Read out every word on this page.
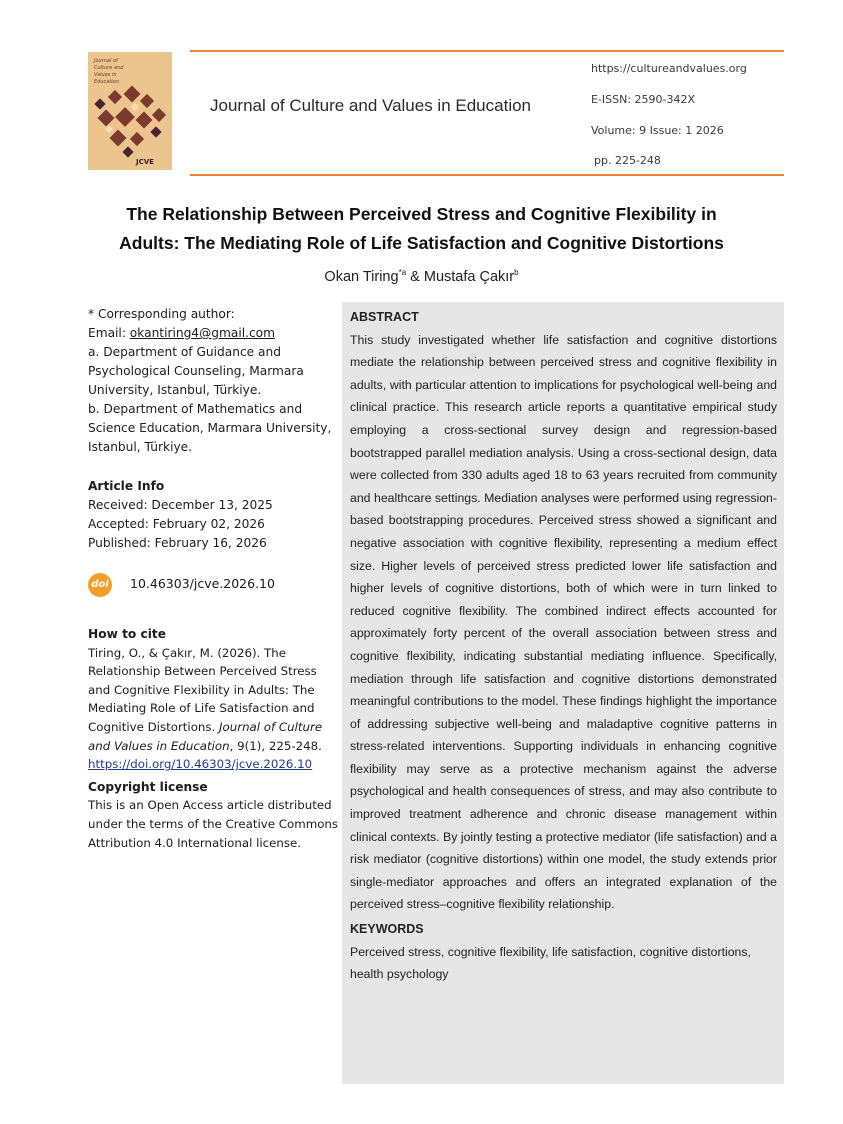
Journal of
Culture and
Values in
Education
JCVE
Journal of Culture and Values in Education
https://cultureandvalues.org
E-ISSN: 2590-342X
Volume: 9 Issue: 1 2026
pp. 225-248
The Relationship Between Perceived Stress and Cognitive Flexibility in
Adults: The Mediating Role of Life Satisfaction and Cognitive Distortions
Okan Tiring$^{*a}$ & Mustafa Çakır$^b$

* Corresponding author:

Email: okantiring4@gmail.com

a. Department of Guidance and Psychological Counseling, Marmara University, Istanbul, Türkiye.

b. Department of Mathematics and Science Education, Marmara University, Istanbul, Türkiye.

Article Info

Received: December 13, 2025

Accepted: February 02, 2026

Published: February 16, 2026

doi 10.46303/jcve.2026.10

How to cite

Tiring, O., & Çakır, M. (2026). The Relationship Between Perceived Stress and Cognitive Flexibility in Adults: The Mediating Role of Life Satisfaction and Cognitive Distortions. Journal of Culture and Values in Education, 9(1), 225-248.

https://doi.org/10.46303/jcve.2026.10

Copyright license

This is an Open Access article distributed under the terms of the Creative Commons Attribution 4.0 International license.

ABSTRACT
This study investigated whether life satisfaction and cognitive distortions mediate the relationship between perceived stress and cognitive flexibility in adults, with particular attention to implications for psychological well-being and clinical practice. This research article reports a quantitative empirical study employing a cross-sectional survey design and regression-based bootstrapped parallel mediation analysis. Using a cross-sectional design, data were collected from 330 adults aged 18 to 63 years recruited from community and healthcare settings. Mediation analyses were performed using regression-based bootstrapping procedures. Perceived stress showed a significant and negative association with cognitive flexibility, representing a medium effect size. Higher levels of perceived stress predicted lower life satisfaction and higher levels of cognitive distortions, both of which were in turn linked to reduced cognitive flexibility. The combined indirect effects accounted for approximately forty percent of the overall association between stress and cognitive flexibility, indicating substantial mediating influence. Specifically, mediation through life satisfaction and cognitive distortions demonstrated meaningful contributions to the model. These findings highlight the importance of addressing subjective well-being and maladaptive cognitive patterns in stress-related interventions. Supporting individuals in enhancing cognitive flexibility may serve as a protective mechanism against the adverse psychological and health consequences of stress, and may also contribute to improved treatment adherence and chronic disease management within clinical contexts. By jointly testing a protective mediator (life satisfaction) and a risk mediator (cognitive distortions) within one model, the study extends prior single-mediator approaches and offers an integrated explanation of the perceived stress–cognitive flexibility relationship.
KEYWORDS
Perceived stress, cognitive flexibility, life satisfaction, cognitive distortions, health psychology
